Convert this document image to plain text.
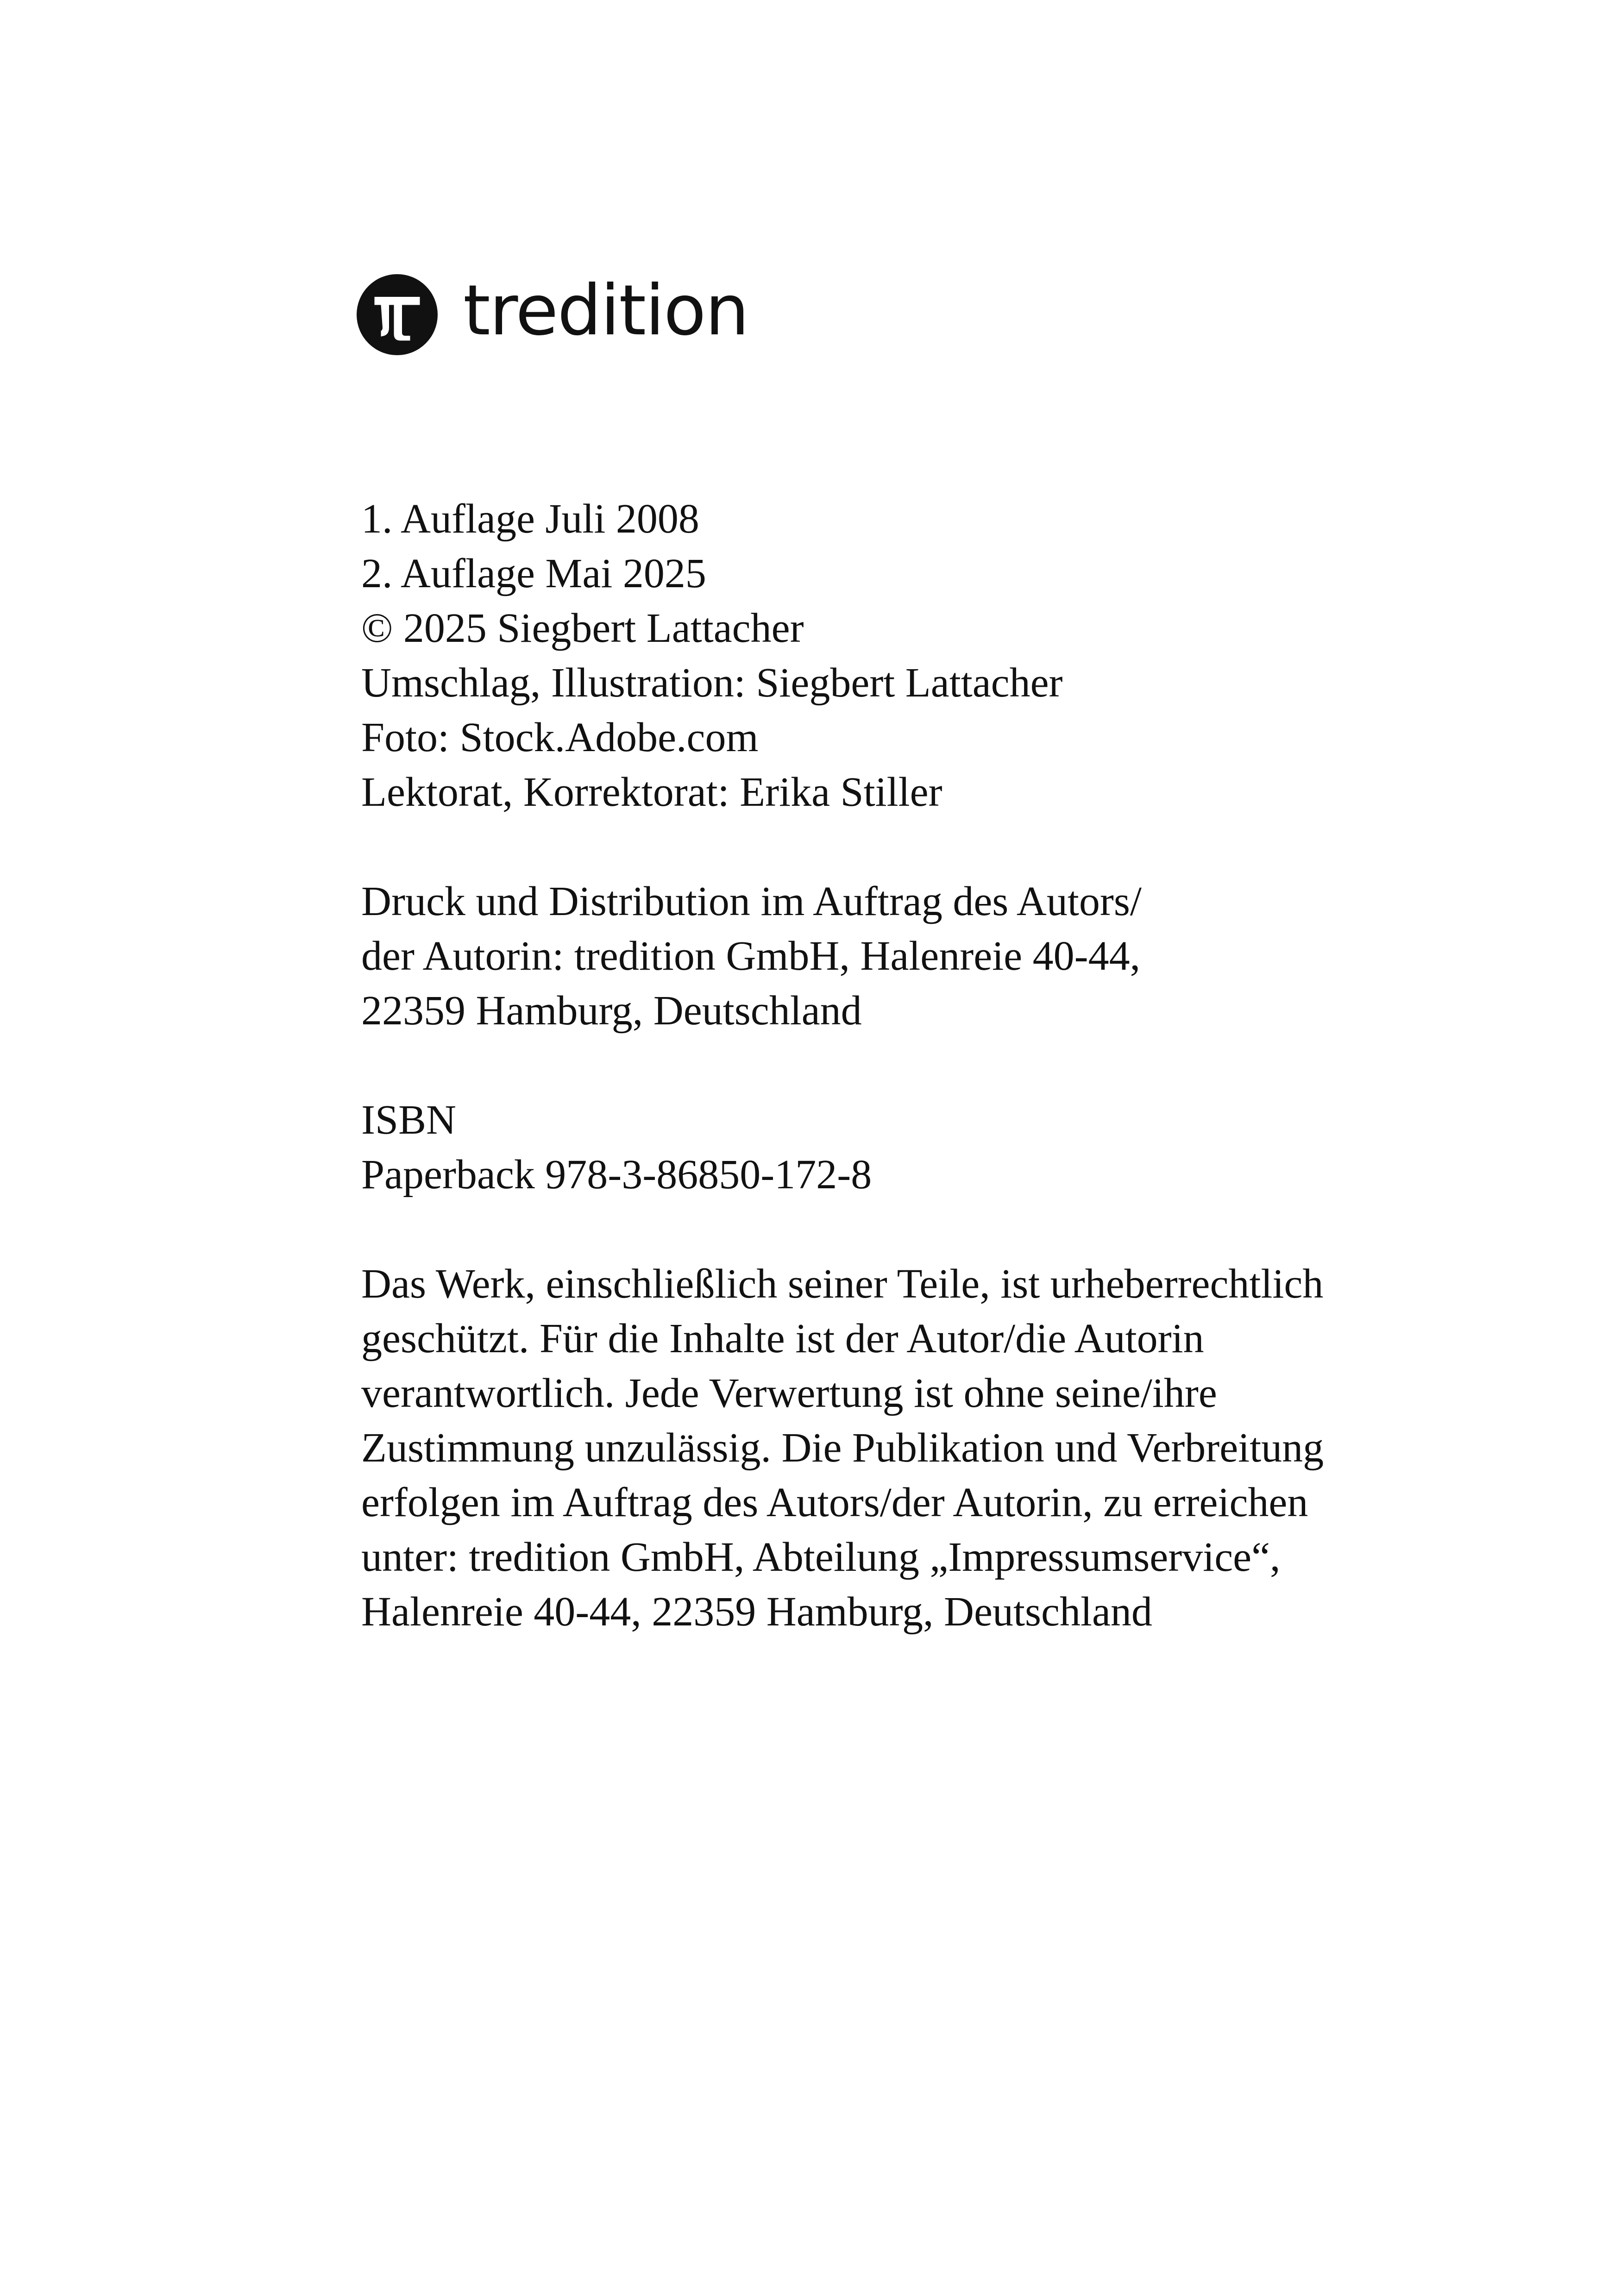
tredition

1. Auflage Juli 2008
2. Auflage Mai 2025
© 2025 Siegbert Lattacher
Umschlag, Illustration: Siegbert Lattacher
Foto: Stock.Adobe.com
Lektorat, Korrektorat: Erika Stiller

Druck und Distribution im Auftrag des Autors/
der Autorin: tredition GmbH, Halenreie 40-44,
22359 Hamburg, Deutschland

ISBN
Paperback 978-3-86850-172-8

Das Werk, einschließlich seiner Teile, ist urheberrechtlich
geschützt. Für die Inhalte ist der Autor/die Autorin
verantwortlich. Jede Verwertung ist ohne seine/ihre
Zustimmung unzulässig. Die Publikation und Verbreitung
erfolgen im Auftrag des Autors/der Autorin, zu erreichen
unter: tredition GmbH, Abteilung „Impressumservice“,
Halenreie 40-44, 22359 Hamburg, Deutschland
